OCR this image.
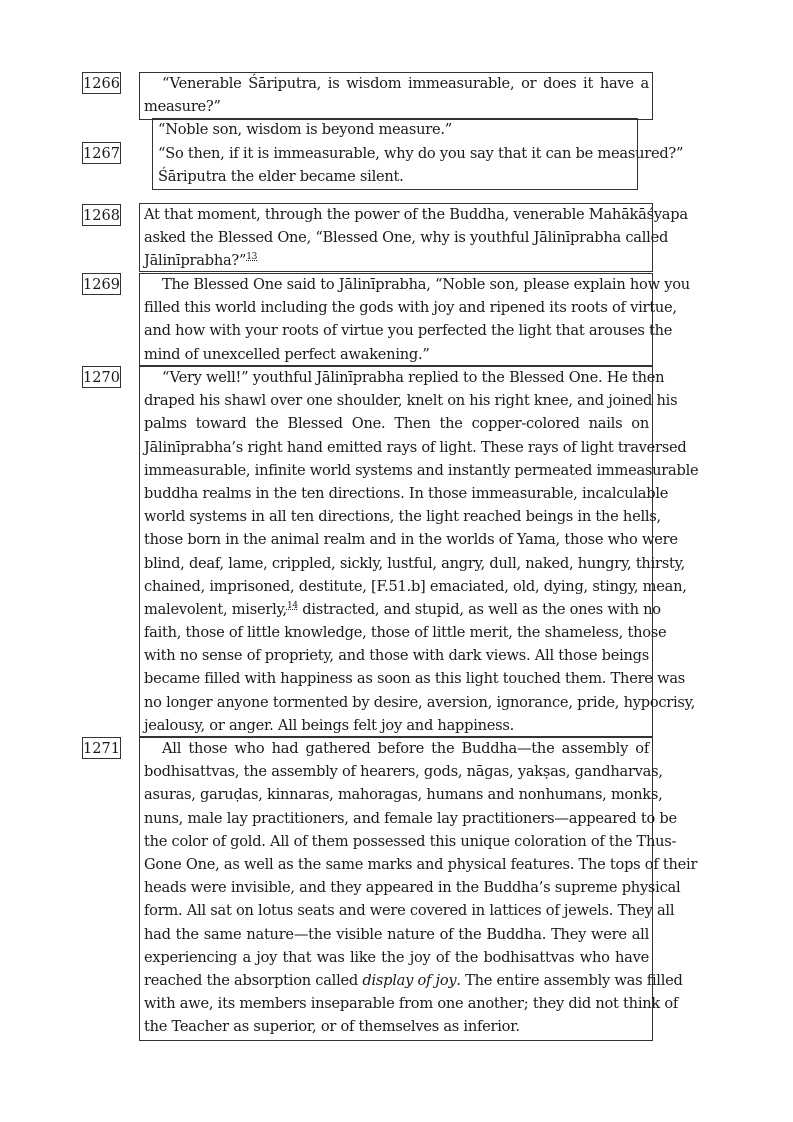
1266	“Venerable Śāriputra, is wisdom immeasurable, or does it have a
measure?”
“Noble son, wisdom is beyond measure.”
1267	“So then, if it is immeasurable, why do you say that it can be measured?”
Śāriputra the elder became silent.
1268 At that moment, through the power of the Buddha, venerable Mahākāśyapa
asked the Blessed One, “Blessed One, why is youthful Jālinīprabha called
Jālinīprabha?”$^{13}$
1269	The Blessed One said to Jālinīprabha, “Noble son, please explain how you
filled this world including the gods with joy and ripened its roots of virtue,
and how with your roots of virtue you perfected the light that arouses the
mind of unexcelled perfect awakening.”
1270	“Very well!” youthful Jālinīprabha replied to the Blessed One. He then
draped his shawl over one shoulder, knelt on his right knee, and joined his
palms toward the Blessed One. Then the copper-colored nails on
Jālinīprabha’s right hand emitted rays of light. These rays of light traversed
immeasurable, infinite world systems and instantly permeated immeasurable
buddha realms in the ten directions. In those immeasurable, incalculable
world systems in all ten directions, the light reached beings in the hells,
those born in the animal realm and in the worlds of Yama, those who were
blind, deaf, lame, crippled, sickly, lustful, angry, dull, naked, hungry, thirsty,
chained, imprisoned, destitute, [F.51.b] emaciated, old, dying, stingy, mean,
malevolent, miserly,$^{14}$ distracted, and stupid, as well as the ones with no
faith, those of little knowledge, those of little merit, the shameless, those
with no sense of propriety, and those with dark views. All those beings
became filled with happiness as soon as this light touched them. There was
no longer anyone tormented by desire, aversion, ignorance, pride, hypocrisy,
jealousy, or anger. All beings felt joy and happiness.
1271	All those who had gathered before the Buddha—the assembly of
bodhisattvas, the assembly of hearers, gods, nāgas, yakṣas, gandharvas,
asuras, garuḍas, kinnaras, mahoragas, humans and nonhumans, monks,
nuns, male lay practitioners, and female lay practitioners—appeared to be
the color of gold. All of them possessed this unique coloration of the Thus-
Gone One, as well as the same marks and physical features. The tops of their
heads were invisible, and they appeared in the Buddha’s supreme physical
form. All sat on lotus seats and were covered in lattices of jewels. They all
had the same nature—the visible nature of the Buddha. They were all
experiencing a joy that was like the joy of the bodhisattvas who have
reached the absorption called display of joy. The entire assembly was filled
with awe, its members inseparable from one another; they did not think of
the Teacher as superior, or of themselves as inferior.
